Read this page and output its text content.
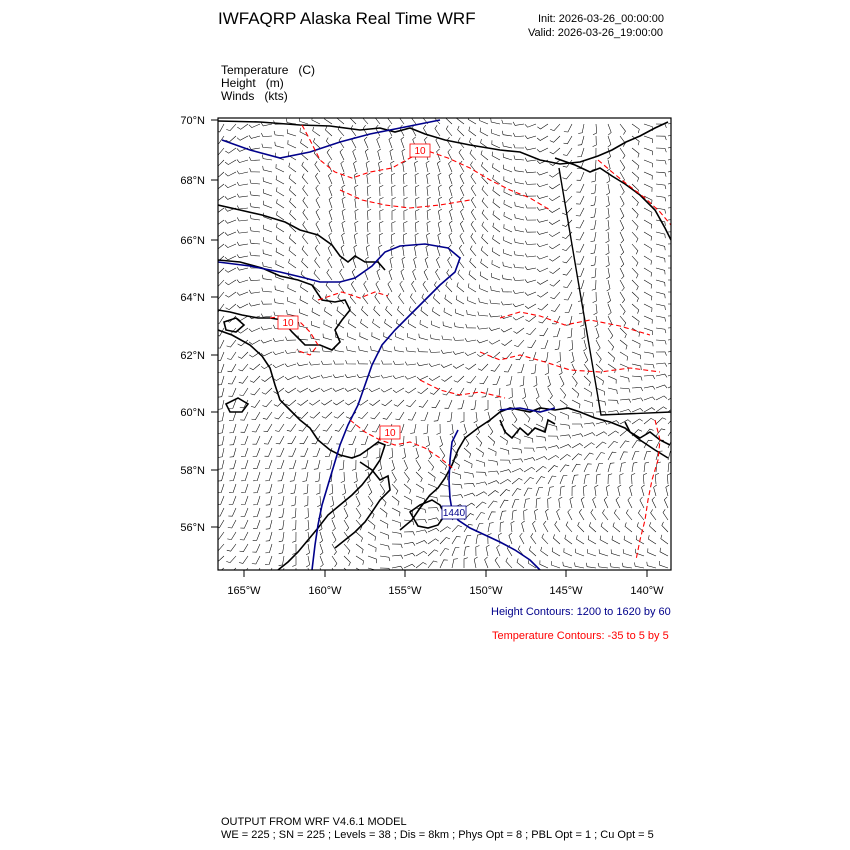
IWFAQRP Alaska Real Time WRF	Init: 2026-03-26_00:00:00
Valid: 2026-03-26_19:00:00
Temperature (C)
Height (m)
Winds (kts)
10
10
10
1440
70°N
68°N
66°N
64°N
62°N
60°N
58°N
56°N
165°W	160°W	155°W	150°W	145°W	140°W
Height Contours: 1200 to 1620 by 60
Temperature Contours: -35 to 5 by 5
OUTPUT FROM WRF V4.6.1 MODEL
WE = 225 ; SN = 225 ; Levels = 38 ; Dis = 8km ; Phys Opt = 8 ; PBL Opt = 1 ; Cu Opt = 5
